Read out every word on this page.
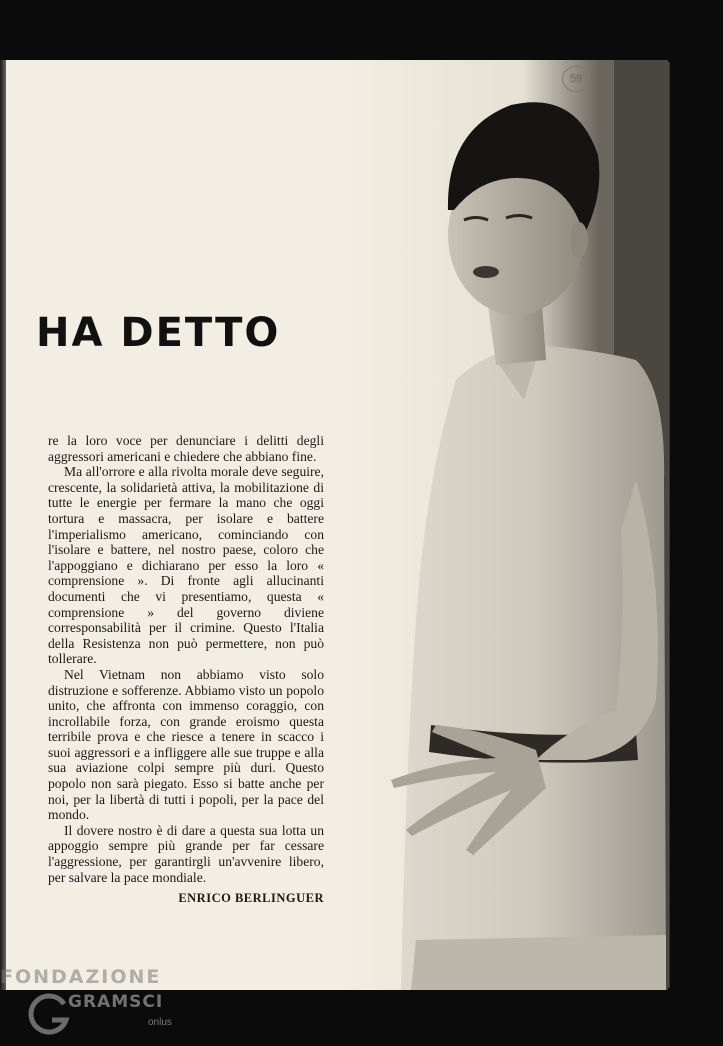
59
HA DETTO

re la loro voce per denunciare i delitti degli aggressori americani e chiedere che abbiano fine.

Ma all'orrore e alla rivolta morale deve seguire, crescente, la solidarietà attiva, la mobilitazione di tutte le energie per fermare la mano che oggi tortura e massacra, per isolare e battere l'imperialismo americano, cominciando con l'isolare e battere, nel nostro paese, coloro che l'appoggiano e dichiarano per esso la loro « comprensione ». Di fronte agli allucinanti documenti che vi presentiamo, questa « comprensione » del governo diviene corresponsabilità per il crimine. Questo l'Italia della Resistenza non può permettere, non può tollerare.

Nel Vietnam non abbiamo visto solo distruzione e sofferenze. Abbiamo visto un popolo unito, che affronta con immenso coraggio, con incrollabile forza, con grande eroismo questa terribile prova e che riesce a tenere in scacco i suoi aggressori e a infliggere alle sue truppe e alla sua aviazione colpi sempre più duri. Questo popolo non sarà piegato. Esso si batte anche per noi, per la libertà di tutti i popoli, per la pace del mondo.

Il dovere nostro è di dare a questa sua lotta un appoggio sempre più grande per far cessare l'aggressione, per garantirgli un'avvenire libero, per salvare la pace mondiale.

ENRICO BERLINGUER

FONDAZIONE

GRAMSCI

onlus
